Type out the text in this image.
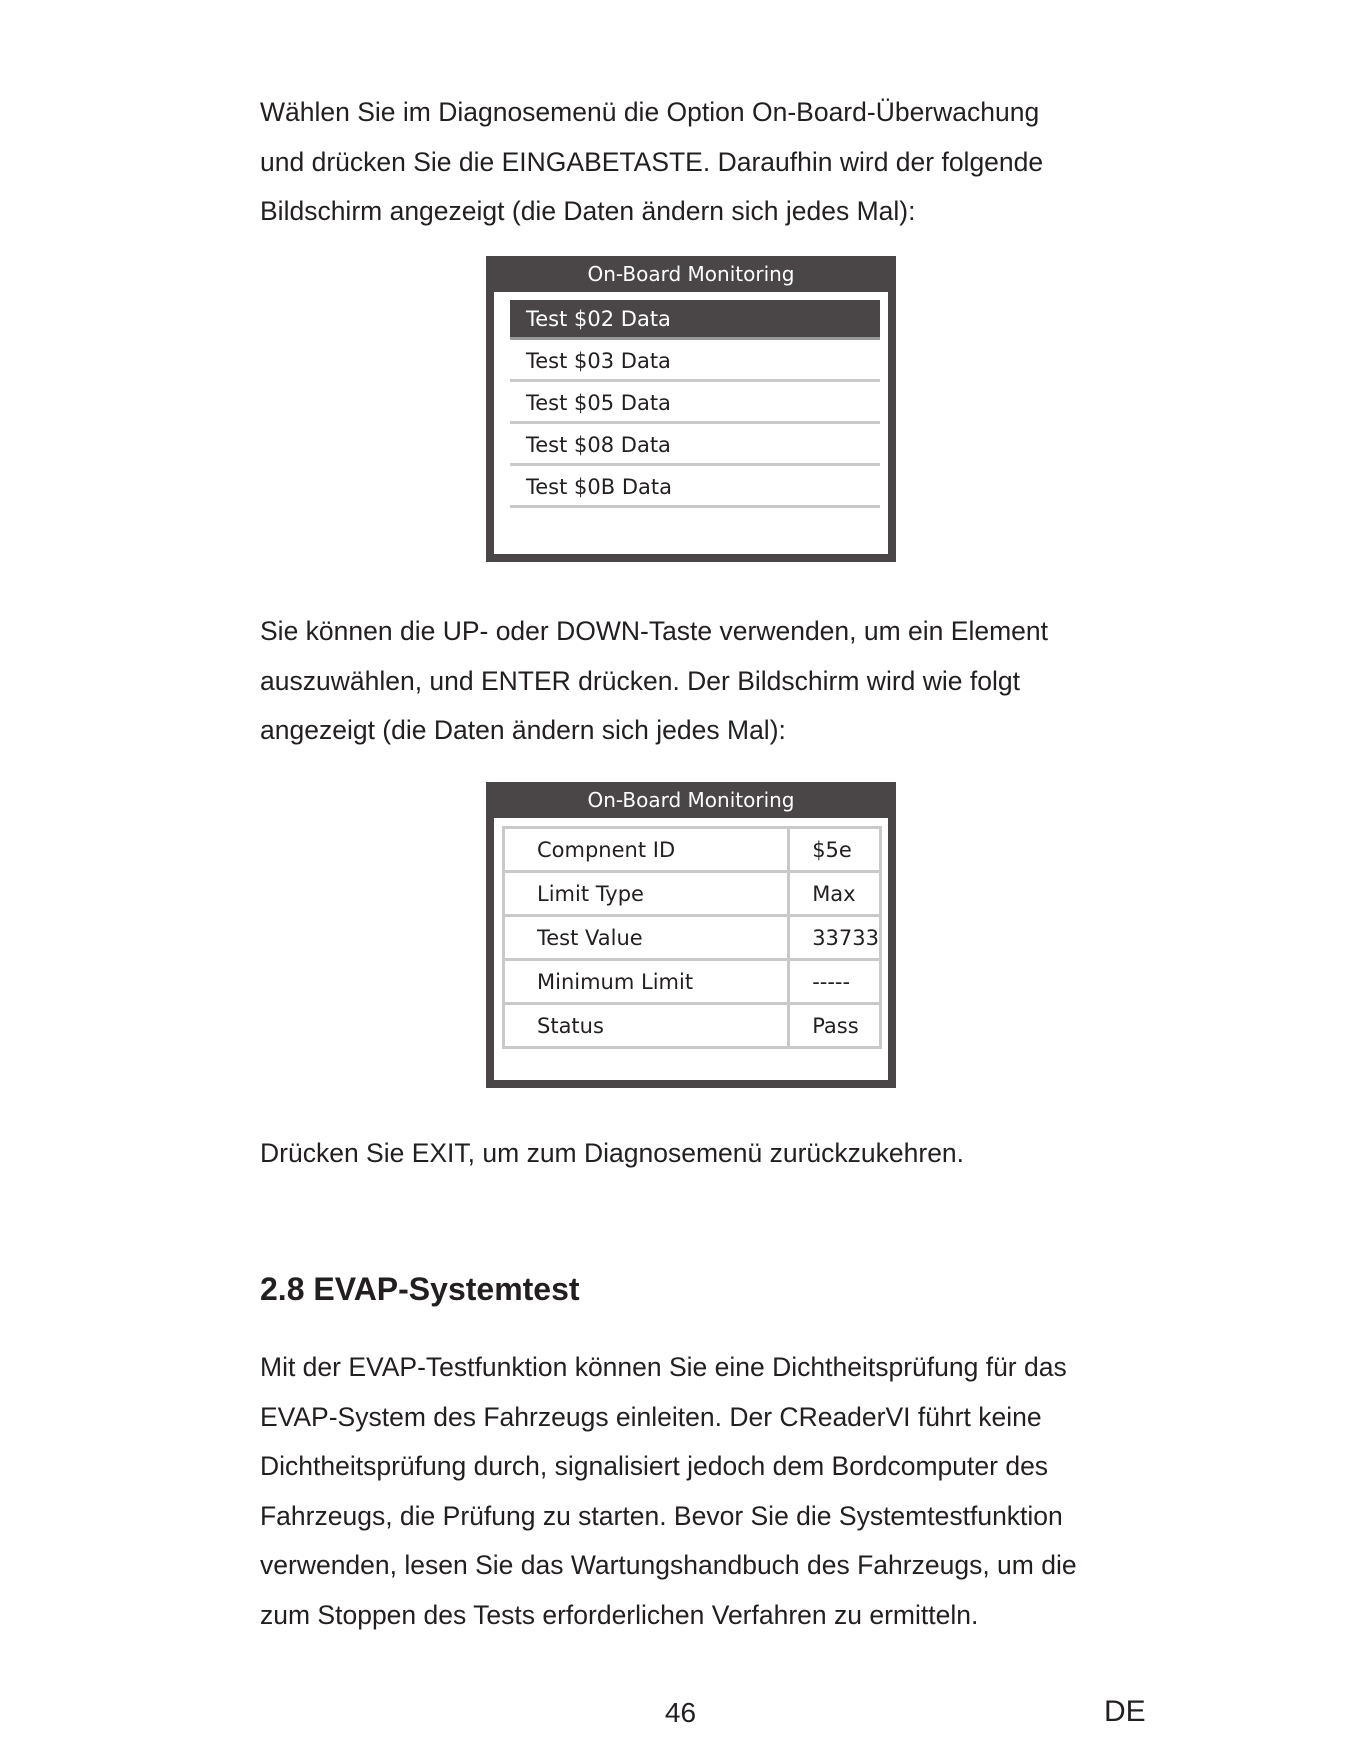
Wählen Sie im Diagnosemenü die Option On-Board-Überwachung
und drücken Sie die EINGABETASTE. Daraufhin wird der folgende
Bildschirm angezeigt (die Daten ändern sich jedes Mal):

On-Board Monitoring
Test $02 Data
Test $03 Data
Test $05 Data
Test $08 Data
Test $0B Data

Sie können die UP- oder DOWN-Taste verwenden, um ein Element
auszuwählen, und ENTER drücken. Der Bildschirm wird wie folgt
angezeigt (die Daten ändern sich jedes Mal):

On-Board Monitoring
Compnent ID	$5e
Limit Type	Max
Test Value	33733
Minimum Limit	-----
Status	Pass

Drücken Sie EXIT, um zum Diagnosemenü zurückzukehren.

2.8 EVAP-Systemtest

Mit der EVAP-Testfunktion können Sie eine Dichtheitsprüfung für das
EVAP-System des Fahrzeugs einleiten. Der CReaderVI führt keine
Dichtheitsprüfung durch, signalisiert jedoch dem Bordcomputer des
Fahrzeugs, die Prüfung zu starten. Bevor Sie die Systemtestfunktion
verwenden, lesen Sie das Wartungshandbuch des Fahrzeugs, um die
zum Stoppen des Tests erforderlichen Verfahren zu ermitteln.

46	DE
